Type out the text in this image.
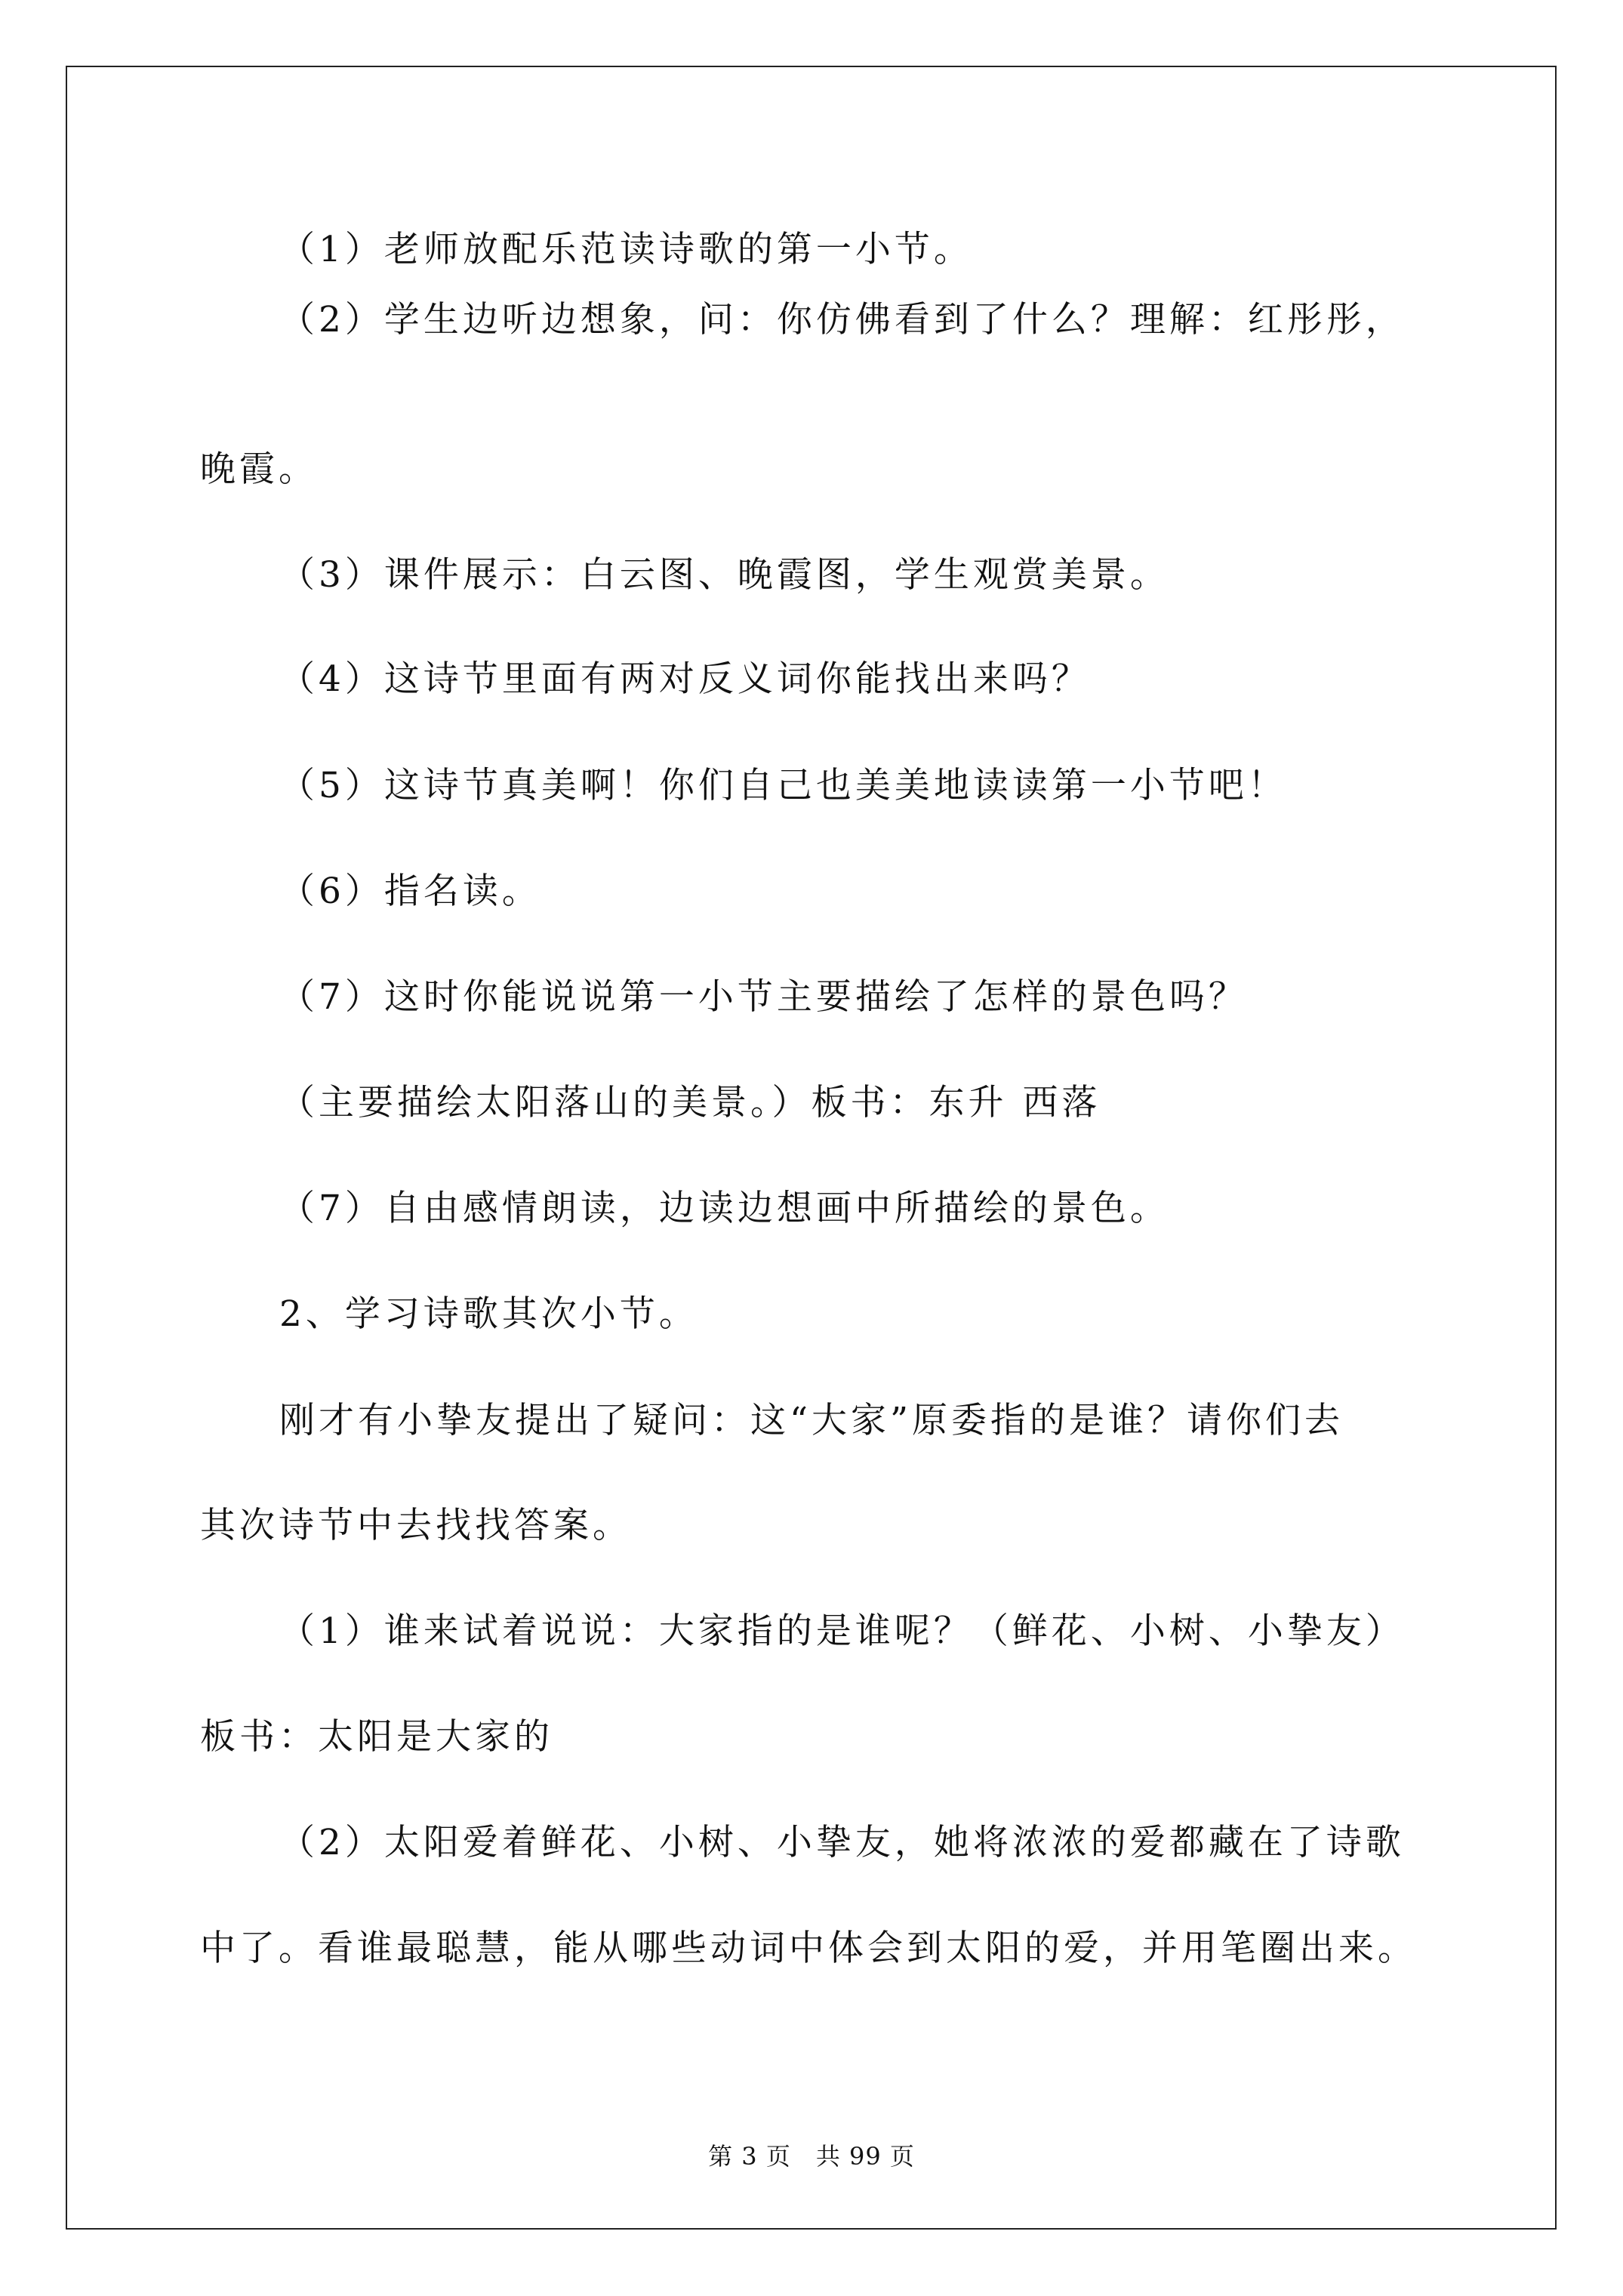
（1）老师放配乐范读诗歌的第一小节。
（2）学生边听边想象，问：你仿佛看到了什么？理解：红彤彤，
晚霞。
（3）课件展示：白云图、晚霞图，学生观赏美景。
（4）这诗节里面有两对反义词你能找出来吗？
（5）这诗节真美啊！你们自己也美美地读读第一小节吧！
（6）指名读。
（7）这时你能说说第一小节主要描绘了怎样的景色吗？
（主要描绘太阳落山的美景。）板书：东升 西落
（7）自由感情朗读，边读边想画中所描绘的景色。
2、学习诗歌其次小节。
刚才有小挚友提出了疑问：这“大家”原委指的是谁？请你们去
其次诗节中去找找答案。
（1）谁来试着说说：大家指的是谁呢？（鲜花、小树、小挚友）
板书：太阳是大家的
（2）太阳爱着鲜花、小树、小挚友，她将浓浓的爱都藏在了诗歌
中了。看谁最聪慧，能从哪些动词中体会到太阳的爱，并用笔圈出来。
第 3 页　共 99 页
